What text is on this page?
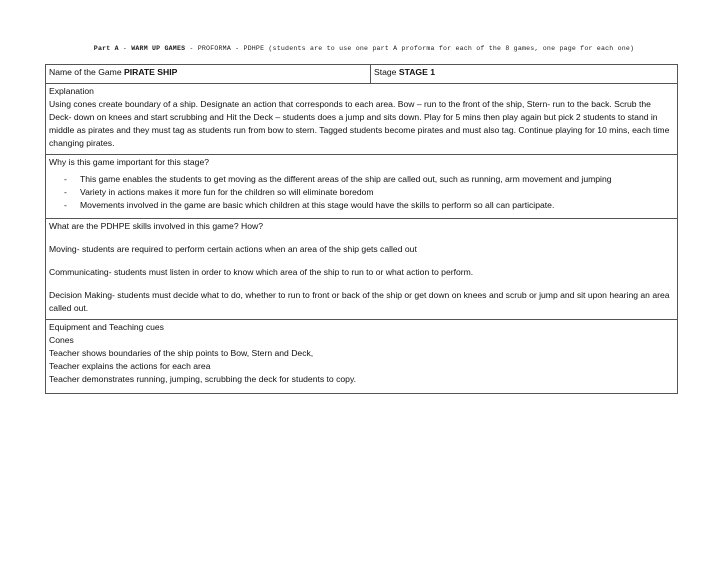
Part A - WARM UP GAMES - PROFORMA - PDHPE (students are to use one part A proforma for each of the 8 games, one page for each one)
Name of the Game PIRATE SHIP	Stage STAGE 1

Explanation
Using cones create boundary of a ship. Designate an action that corresponds to each area. Bow – run to the front of the ship, Stern- run to the back. Scrub the Deck- down on knees and start scrubbing and Hit the Deck – students does a jump and sits down. Play for 5 mins then play again but pick 2 students to stand in middle as pirates and they must tag as students run from bow to stern. Tagged students become pirates and must also tag. Continue playing for 10 mins, each time changing pirates.

Why is this game important for this stage?
- This game enables the students to get moving as the different areas of the ship are called out, such as running, arm movement and jumping
- Variety in actions makes it more fun for the children so will eliminate boredom
- Movements involved in the game are basic which children at this stage would have the skills to perform so all can participate.

What are the PDHPE skills involved in this game? How?
Moving- students are required to perform certain actions when an area of the ship gets called out
Communicating- students must listen in order to know which area of the ship to run to or what action to perform.
Decision Making- students must decide what to do, whether to run to front or back of the ship or get down on knees and scrub or jump and sit upon hearing an area called out.

Equipment and Teaching cues
Cones
Teacher shows boundaries of the ship points to Bow, Stern and Deck,
Teacher explains the actions for each area
Teacher demonstrates running, jumping, scrubbing the deck for students to copy.
